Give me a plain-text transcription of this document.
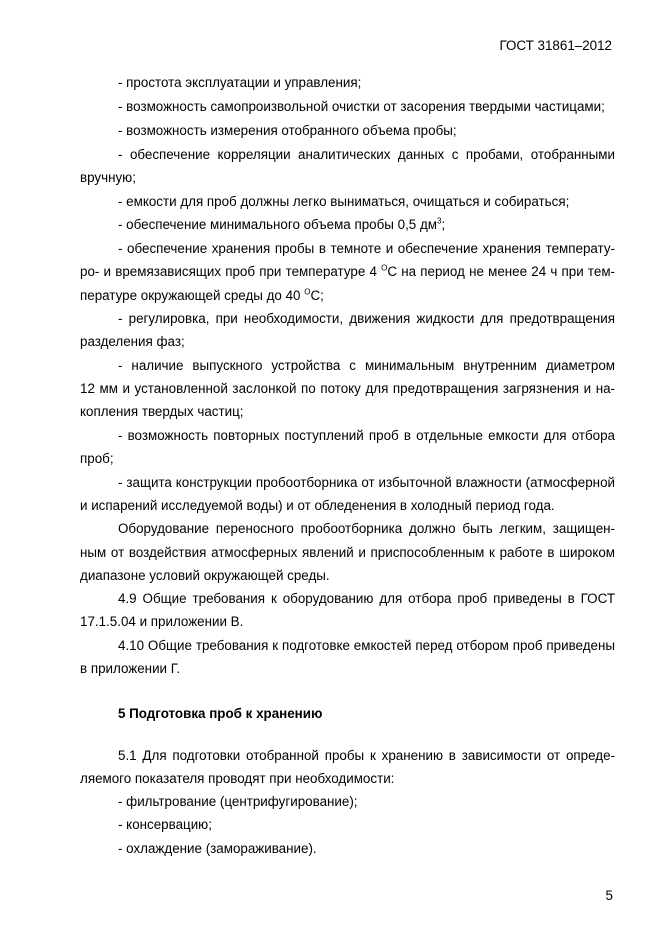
ГОСТ 31861–2012
- простота эксплуатации и управления;
- возможность самопроизвольной очистки от засорения твердыми частицами;
- возможность измерения отобранного объема пробы;
- обеспечение корреляции аналитических данных с пробами, отобранными
вручную;
- емкости для проб должны легко выниматься, очищаться и собираться;
- обеспечение минимального объема пробы 0,5 $дм^3$;
- обеспечение хранения пробы в темноте и обеспечение хранения температу-
ро- и времязависящих проб при температуре 4 $^О$С на период не менее 24 ч при тем-
пературе окружающей среды до 40 $^О$С;
- регулировка, при необходимости, движения жидкости для предотвращения
разделения фаз;
- наличие выпускного устройства с минимальным внутренним диаметром
12 мм и установленной заслонкой по потоку для предотвращения загрязнения и на-
копления твердых частиц;
- возможность повторных поступлений проб в отдельные емкости для отбора
проб;
- защита конструкции пробоотборника от избыточной влажности (атмосферной
и испарений исследуемой воды) и от обледенения в холодный период года.
Оборудование переносного пробоотборника должно быть легким, защищен-
ным от воздействия атмосферных явлений и приспособленным к работе в широком
диапазоне условий окружающей среды.
4.9 Общие требования к оборудованию для отбора проб приведены в ГОСТ
17.1.5.04 и приложении В.
4.10 Общие требования к подготовке емкостей перед отбором проб приведены
в приложении Г.
5 Подготовка проб к хранению
5.1 Для подготовки отобранной пробы к хранению в зависимости от опреде-
ляемого показателя проводят при необходимости:
- фильтрование (центрифугирование);
- консервацию;
- охлаждение (замораживание).
5
